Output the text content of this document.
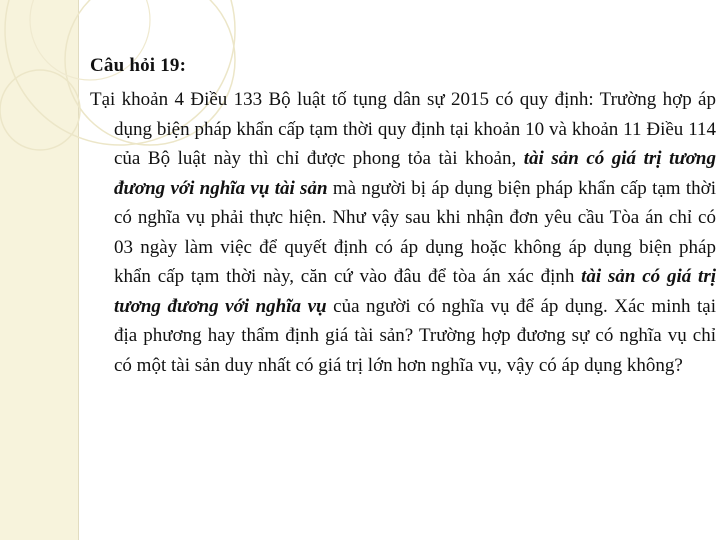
Câu hỏi 19:

Tại khoản 4 Điều 133 Bộ luật tố tụng dân sự 2015 có quy định: Trường hợp áp dụng biện pháp khẩn cấp tạm thời quy định tại khoản 10 và khoản 11 Điều 114 của Bộ luật này thì chỉ được phong tỏa tài khoản, tài sản có giá trị tương đương với nghĩa vụ tài sản mà người bị áp dụng biện pháp khẩn cấp tạm thời có nghĩa vụ phải thực hiện. Như vậy sau khi nhận đơn yêu cầu Tòa án chỉ có 03 ngày làm việc để quyết định có áp dụng hoặc không áp dụng biện pháp khẩn cấp tạm thời này, căn cứ vào đâu để tòa án xác định tài sản có giá trị tương đương với nghĩa vụ của người có nghĩa vụ để áp dụng. Xác minh tại địa phương hay thẩm định giá tài sản? Trường hợp đương sự có nghĩa vụ chỉ có một tài sản duy nhất có giá trị lớn hơn nghĩa vụ, vậy có áp dụng không?
